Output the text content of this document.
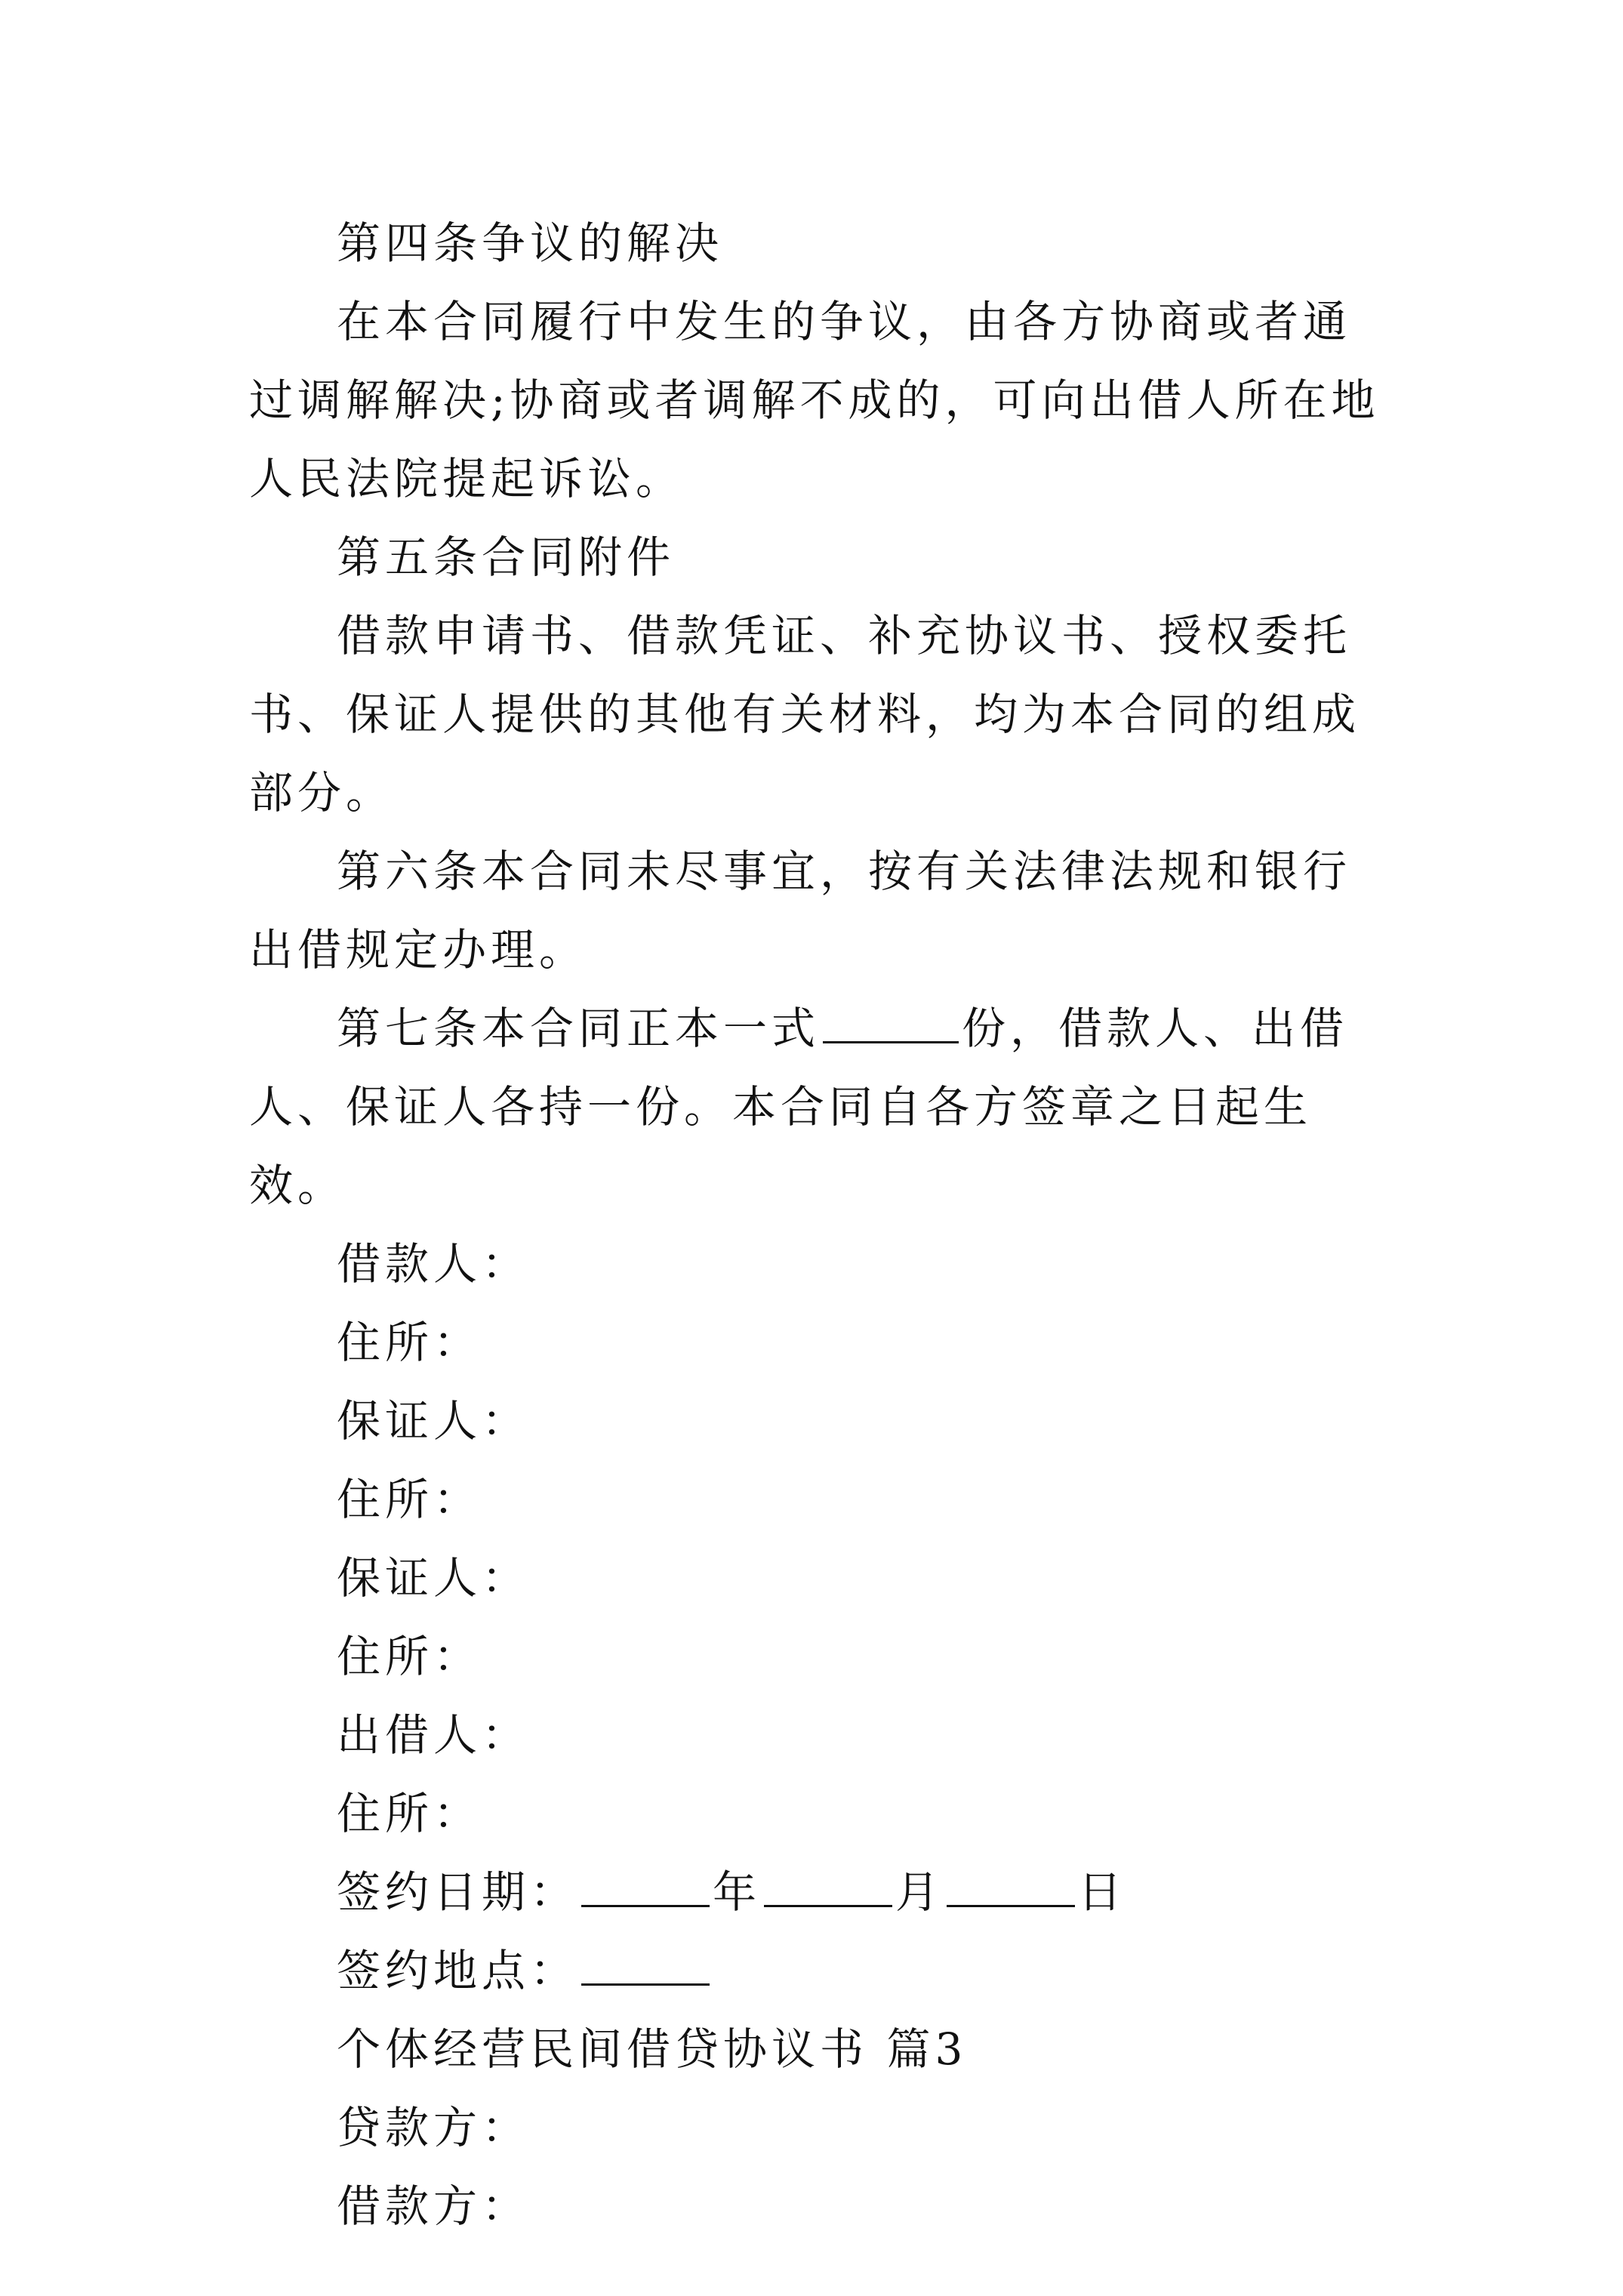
第四条争议的解决

在本合同履行中发生的争议，由各方协商或者通过调解解决;协商或者调解不成的，可向出借人所在地人民法院提起诉讼。

第五条合同附件

借款申请书、借款凭证、补充协议书、授权委托书、保证人提供的其他有关材料，均为本合同的组成部分。

第六条本合同未尽事宜，按有关法律法规和银行出借规定办理。

第七条本合同正本一式	份，借款人、出借人、保证人各持一份。本合同自各方签章之日起生效。

借款人：

住所：

保证人：

住所：

保证人：

住所：

出借人：

住所：

签约日期：	年	月	日

签约地点：

个体经营民间借贷协议书 篇3

贷款方：

借款方：
